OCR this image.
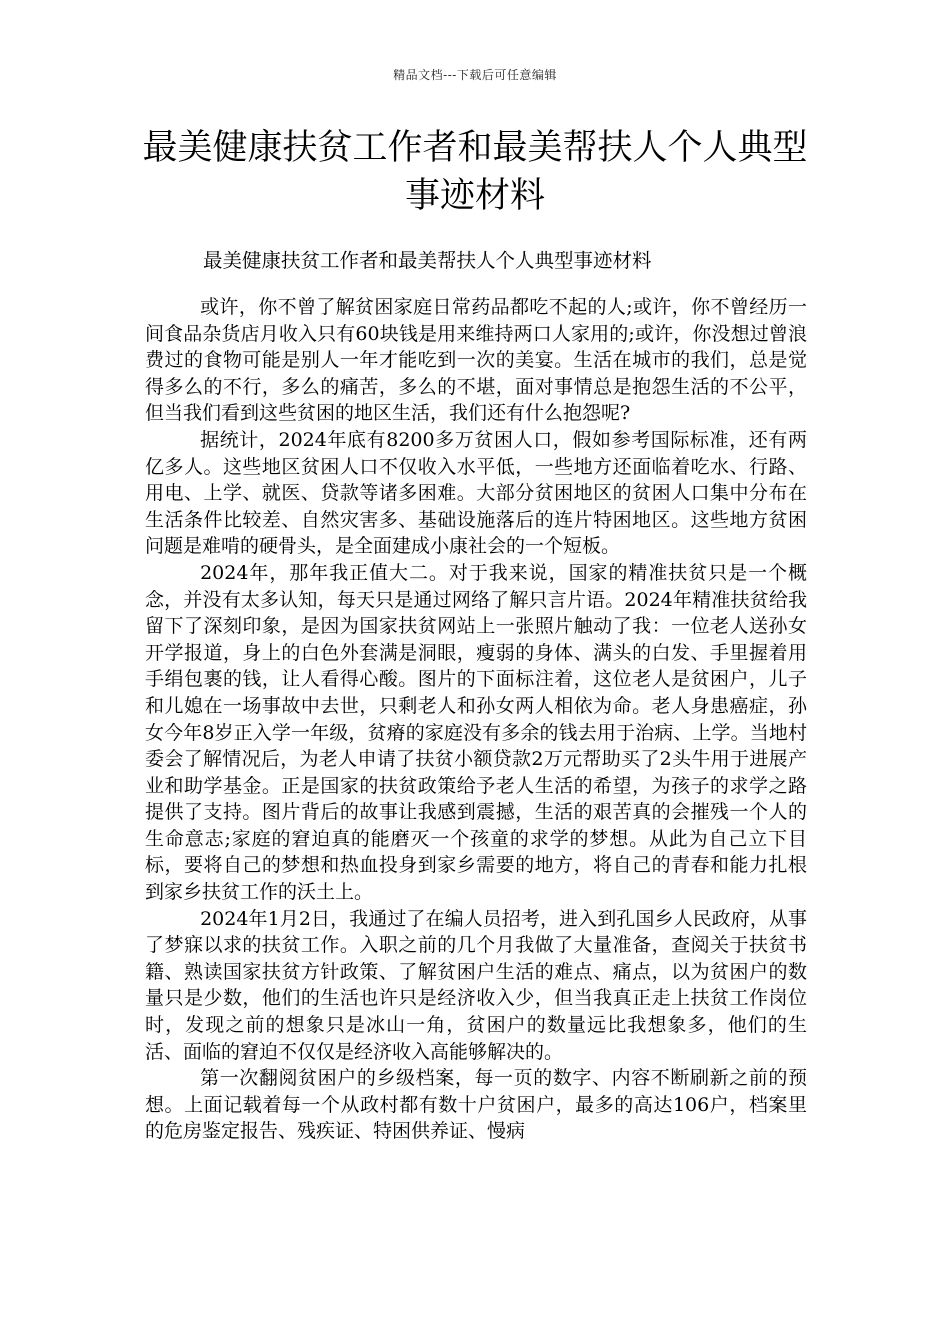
精品文档---下载后可任意编辑
最美健康扶贫工作者和最美帮扶人个人典型事迹材料

最美健康扶贫工作者和最美帮扶人个人典型事迹材料

或许，你不曾了解贫困家庭日常药品都吃不起的人;或许，你不曾经历一间食品杂货店月收入只有60块钱是用来维持两口人家用的;或许，你没想过曾浪费过的食物可能是别人一年才能吃到一次的美宴。生活在城市的我们，总是觉得多么的不行，多么的痛苦，多么的不堪，面对事情总是抱怨生活的不公平，但当我们看到这些贫困的地区生活，我们还有什么抱怨呢?

据统计，2024年底有8200多万贫困人口，假如参考国际标准，还有两亿多人。这些地区贫困人口不仅收入水平低，一些地方还面临着吃水、行路、用电、上学、就医、贷款等诸多困难。大部分贫困地区的贫困人口集中分布在生活条件比较差、自然灾害多、基础设施落后的连片特困地区。这些地方贫困问题是难啃的硬骨头，是全面建成小康社会的一个短板。

2024年，那年我正值大二。对于我来说，国家的精准扶贫只是一个概念，并没有太多认知，每天只是通过网络了解只言片语。2024年精准扶贫给我留下了深刻印象，是因为国家扶贫网站上一张照片触动了我：一位老人送孙女开学报道，身上的白色外套满是洞眼，瘦弱的身体、满头的白发、手里握着用手绢包裹的钱，让人看得心酸。图片的下面标注着，这位老人是贫困户，儿子和儿媳在一场事故中去世，只剩老人和孙女两人相依为命。老人身患癌症，孙女今年8岁正入学一年级，贫瘠的家庭没有多余的钱去用于治病、上学。当地村委会了解情况后，为老人申请了扶贫小额贷款2万元帮助买了2头牛用于进展产业和助学基金。正是国家的扶贫政策给予老人生活的希望，为孩子的求学之路提供了支持。图片背后的故事让我感到震撼，生活的艰苦真的会摧残一个人的生命意志;家庭的窘迫真的能磨灭一个孩童的求学的梦想。从此为自己立下目标，要将自己的梦想和热血投身到家乡需要的地方，将自己的青春和能力扎根到家乡扶贫工作的沃土上。

2024年1月2日，我通过了在编人员招考，进入到孔国乡人民政府，从事了梦寐以求的扶贫工作。入职之前的几个月我做了大量准备，查阅关于扶贫书籍、熟读国家扶贫方针政策、了解贫困户生活的难点、痛点，以为贫困户的数量只是少数，他们的生活也许只是经济收入少，但当我真正走上扶贫工作岗位时，发现之前的想象只是冰山一角，贫困户的数量远比我想象多，他们的生活、面临的窘迫不仅仅是经济收入高能够解决的。

第一次翻阅贫困户的乡级档案，每一页的数字、内容不断刷新之前的预想。上面记载着每一个从政村都有数十户贫困户，最多的高达106户，档案里的危房鉴定报告、残疾证、特困供养证、慢病
